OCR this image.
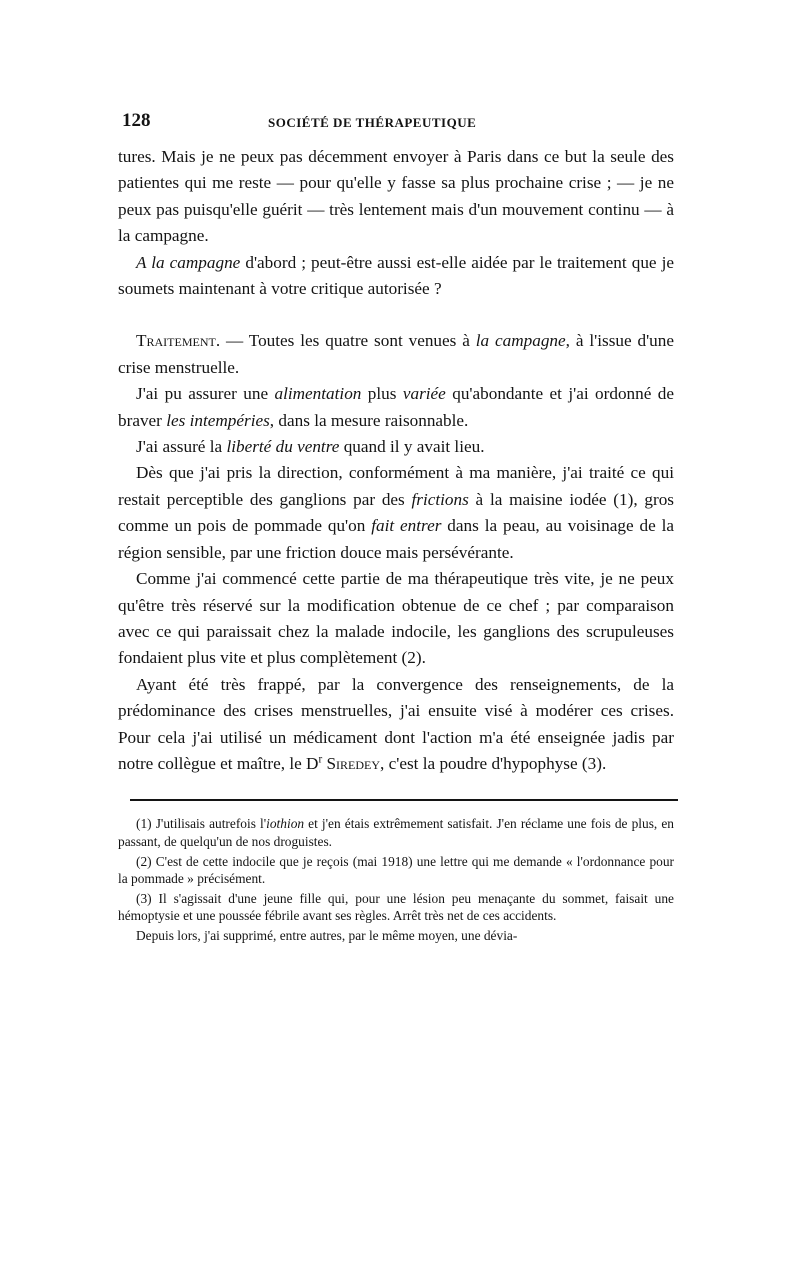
128	SOCIÉTÉ DE THÉRAPEUTIQUE

tures. Mais je ne peux pas décemment envoyer à Paris dans ce but la seule des patientes qui me reste — pour qu'elle y fasse sa plus prochaine crise ; — je ne peux pas puisqu'elle guérit — très lentement mais d'un mouvement continu — à la campagne.

A la campagne d'abord ; peut-être aussi est-elle aidée par le traitement que je soumets maintenant à votre critique autorisée ?

Traitement. — Toutes les quatre sont venues à la campagne, à l'issue d'une crise menstruelle.

J'ai pu assurer une alimentation plus variée qu'abondante et j'ai ordonné de braver les intempéries, dans la mesure raisonnable.

J'ai assuré la liberté du ventre quand il y avait lieu.

Dès que j'ai pris la direction, conformément à ma manière, j'ai traité ce qui restait perceptible des ganglions par des frictions à la maisine iodée (1), gros comme un pois de pommade qu'on fait entrer dans la peau, au voisinage de la région sensible, par une friction douce mais persévérante.

Comme j'ai commencé cette partie de ma thérapeutique très vite, je ne peux qu'être très réservé sur la modification obtenue de ce chef ; par comparaison avec ce qui paraissait chez la malade indocile, les ganglions des scrupuleuses fondaient plus vite et plus complètement (2).

Ayant été très frappé, par la convergence des renseignements, de la prédominance des crises menstruelles, j'ai ensuite visé à modérer ces crises. Pour cela j'ai utilisé un médicament dont l'action m'a été enseignée jadis par notre collègue et maître, le $D^r$ Siredey, c'est la poudre d'hypophyse (3).

(1) J'utilisais autrefois l'iothion et j'en étais extrêmement satisfait. J'en réclame une fois de plus, en passant, de quelqu'un de nos droguistes.

(2) C'est de cette indocile que je reçois (mai 1918) une lettre qui me demande « l'ordonnance pour la pommade » précisément.

(3) Il s'agissait d'une jeune fille qui, pour une lésion peu menaçante du sommet, faisait une hémoptysie et une poussée fébrile avant ses règles. Arrêt très net de ces accidents.

Depuis lors, j'ai supprimé, entre autres, par le même moyen, une dévia-
